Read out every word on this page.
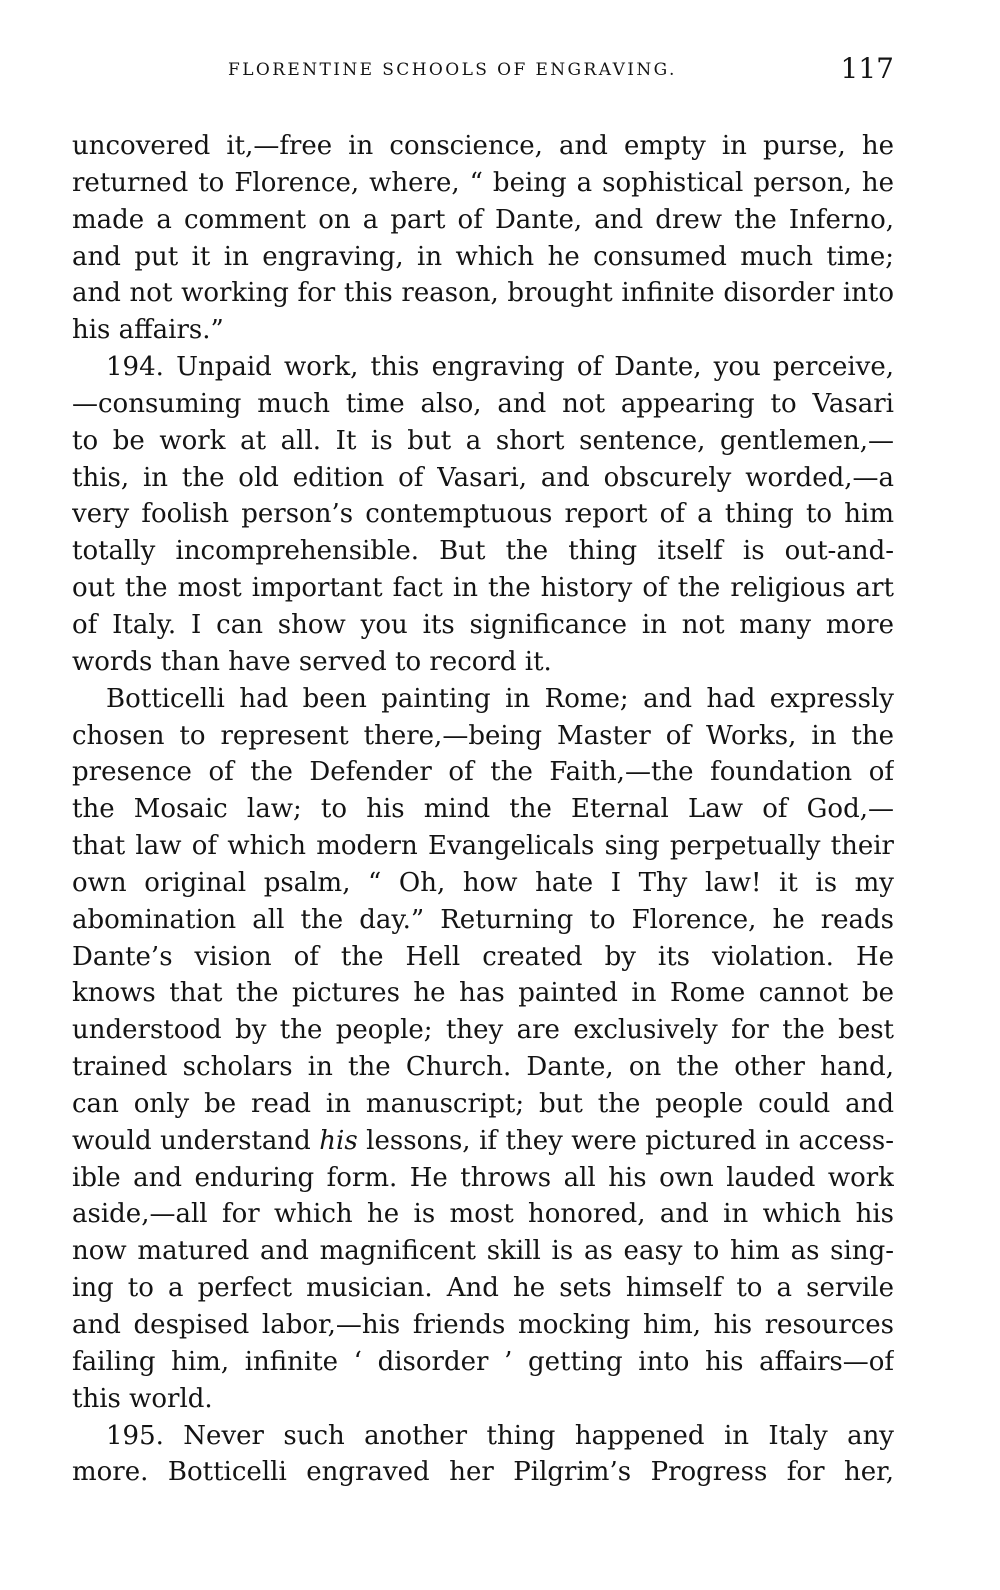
FLORENTINE SCHOOLS OF ENGRAVING.	117
uncovered it,—free in conscience, and empty in purse, he
returned to Florence, where, “ being a sophistical person, he
made a comment on a part of Dante, and drew the Inferno,
and put it in engraving, in which he consumed much time;
and not working for this reason, brought infinite disorder into
his affairs.”
194. Unpaid work, this engraving of Dante, you perceive,
—consuming much time also, and not appearing to Vasari
to be work at all. It is but a short sentence, gentlemen,—
this, in the old edition of Vasari, and obscurely worded,—a
very foolish person’s contemptuous report of a thing to him
totally incomprehensible. But the thing itself is out-and-
out the most important fact in the history of the religious art
of Italy. I can show you its significance in not many more
words than have served to record it.
Botticelli had been painting in Rome; and had expressly
chosen to represent there,—being Master of Works, in the
presence of the Defender of the Faith,—the foundation of
the Mosaic law; to his mind the Eternal Law of God,—
that law of which modern Evangelicals sing perpetually their
own original psalm, “ Oh, how hate I Thy law! it is my
abomination all the day.” Returning to Florence, he reads
Dante’s vision of the Hell created by its violation. He
knows that the pictures he has painted in Rome cannot be
understood by the people; they are exclusively for the best
trained scholars in the Church. Dante, on the other hand,
can only be read in manuscript; but the people could and
would understand his lessons, if they were pictured in access-
ible and enduring form. He throws all his own lauded work
aside,—all for which he is most honored, and in which his
now matured and magnificent skill is as easy to him as sing-
ing to a perfect musician. And he sets himself to a servile
and despised labor,—his friends mocking him, his resources
failing him, infinite ‘ disorder ’ getting into his affairs—of
this world.
195. Never such another thing happened in Italy any
more. Botticelli engraved her Pilgrim’s Progress for her,
